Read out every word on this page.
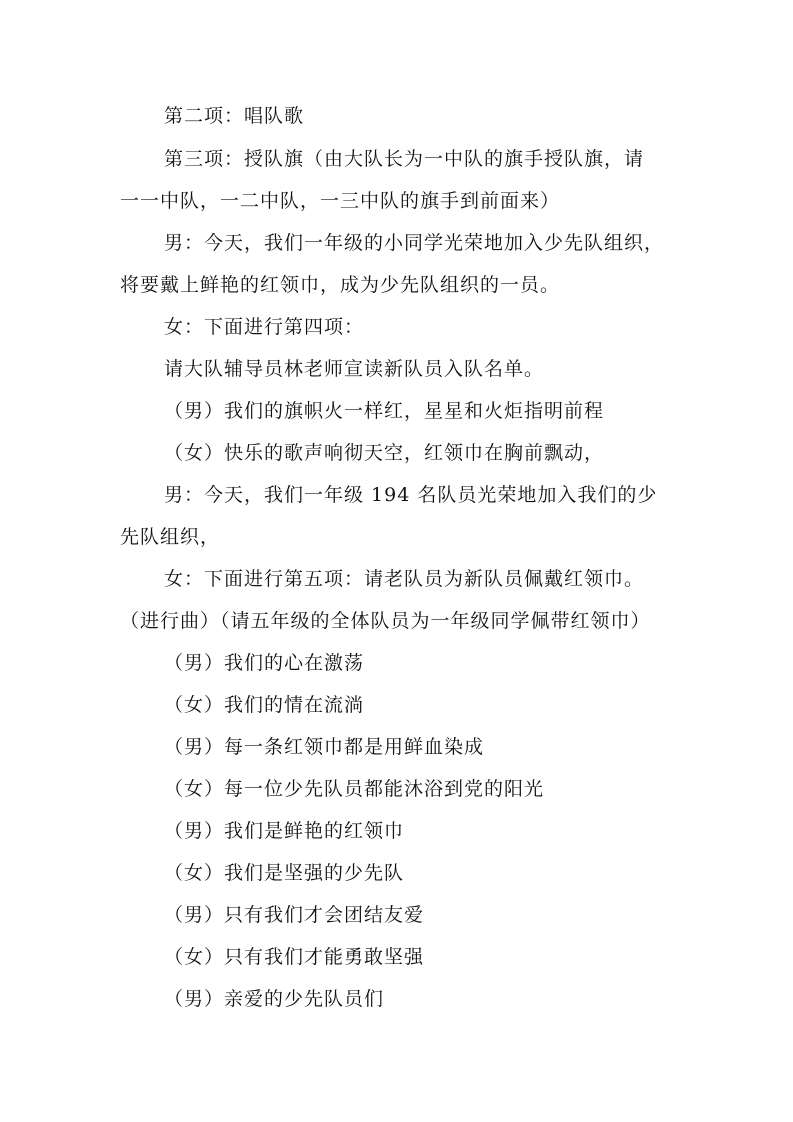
第二项：唱队歌
第三项：授队旗（由大队长为一中队的旗手授队旗，请
一一中队，一二中队，一三中队的旗手到前面来）
男：今天，我们一年级的小同学光荣地加入少先队组织，
将要戴上鲜艳的红领巾，成为少先队组织的一员。
女：下面进行第四项：
请大队辅导员林老师宣读新队员入队名单。
（男）我们的旗帜火一样红，星星和火炬指明前程
（女）快乐的歌声响彻天空，红领巾在胸前飘动，
男：今天，我们一年级 194 名队员光荣地加入我们的少
先队组织，
女：下面进行第五项：请老队员为新队员佩戴红领巾。
（进行曲）（请五年级的全体队员为一年级同学佩带红领巾）
（男）我们的心在激荡
（女）我们的情在流淌
（男）每一条红领巾都是用鲜血染成
（女）每一位少先队员都能沐浴到党的阳光
（男）我们是鲜艳的红领巾
（女）我们是坚强的少先队
（男）只有我们才会团结友爱
（女）只有我们才能勇敢坚强
（男）亲爱的少先队员们
